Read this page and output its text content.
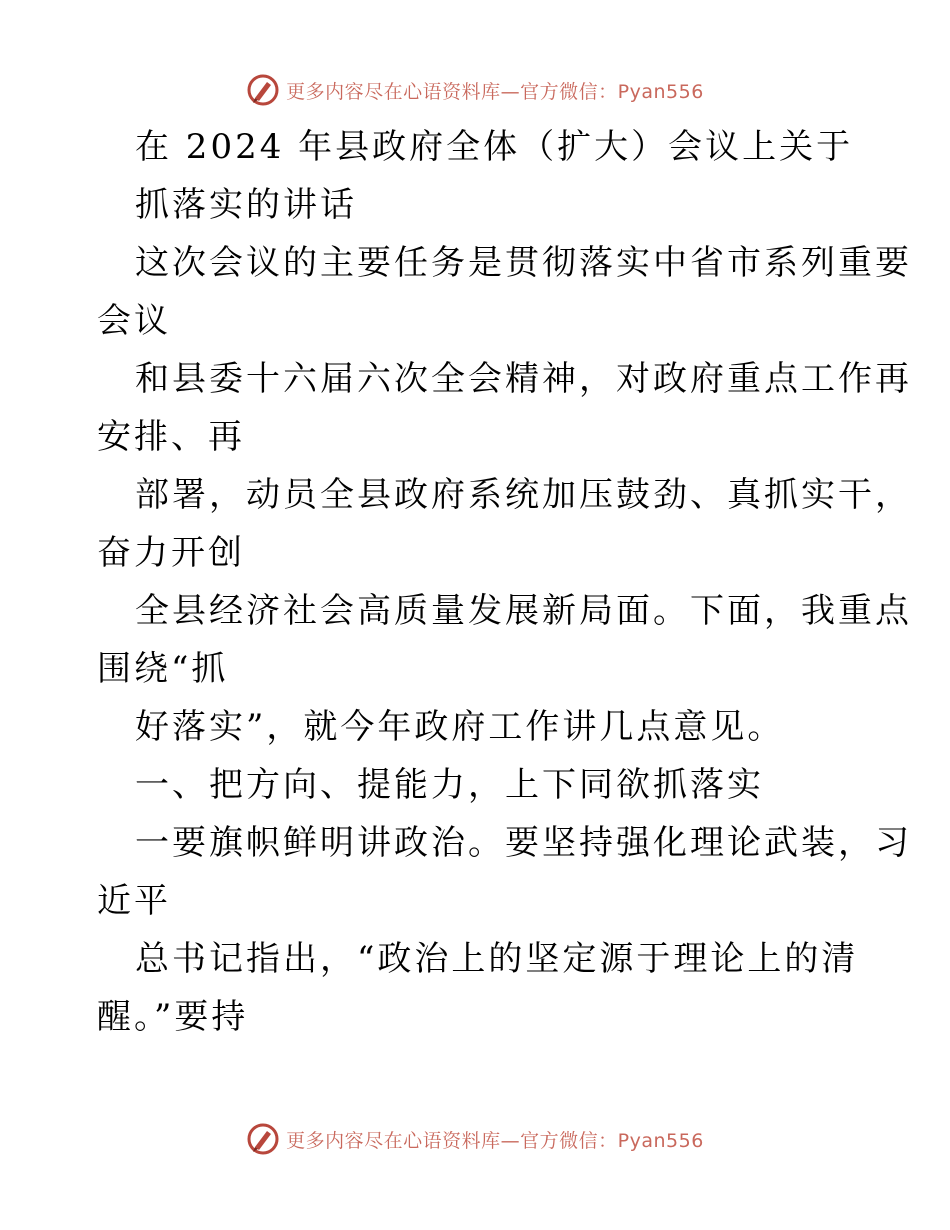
更多内容尽在心语资料库—官方微信：Pyan556
在 2024 年县政府全体（扩大）会议上关于
抓落实的讲话
这次会议的主要任务是贯彻落实中省市系列重要
会议
和县委十六届六次全会精神，对政府重点工作再
安排、再
部署，动员全县政府系统加压鼓劲、真抓实干，
奋力开创
全县经济社会高质量发展新局面。下面，我重点
围绕“抓
好落实”，就今年政府工作讲几点意见。
一、把方向、提能力，上下同欲抓落实
一要旗帜鲜明讲政治。要坚持强化理论武装，习
近平
总书记指出，“政治上的坚定源于理论上的清
醒。”要持
更多内容尽在心语资料库—官方微信：Pyan556
